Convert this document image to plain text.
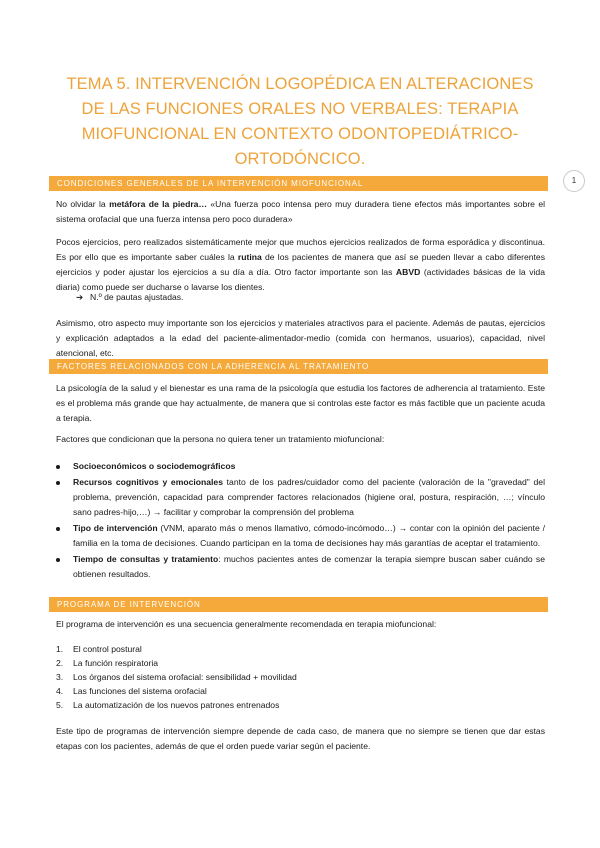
TEMA 5. INTERVENCIÓN LOGOPÉDICA EN ALTERACIONES DE LAS FUNCIONES ORALES NO VERBALES: TERAPIA MIOFUNCIONAL EN CONTEXTO ODONTOPEDIÁTRICO-ORTODÓNCICO.
1
CONDICIONES GENERALES DE LA INTERVENCIÓN MIOFUNCIONAL

No olvidar la metáfora de la piedra… «Una fuerza poco intensa pero muy duradera tiene efectos más importantes sobre el sistema orofacial que una fuerza intensa pero poco duradera»

Pocos ejercicios, pero realizados sistemáticamente mejor que muchos ejercicios realizados de forma esporádica y discontinua. Es por ello que es importante saber cuáles la rutina de los pacientes de manera que así se pueden llevar a cabo diferentes ejercicios y poder ajustar los ejercicios a su día a día. Otro factor importante son las ABVD (actividades básicas de la vida diaria) como puede ser ducharse o lavarse los dientes.

➔ N.º de pautas ajustadas.

Asimismo, otro aspecto muy importante son los ejercicios y materiales atractivos para el paciente. Además de pautas, ejercicios y explicación adaptados a la edad del paciente-alimentador-medio (comida con hermanos, usuarios), capacidad, nivel atencional, etc.

FACTORES RELACIONADOS CON LA ADHERENCIA AL TRATAMIENTO

La psicología de la salud y el bienestar es una rama de la psicología que estudia los factores de adherencia al tratamiento. Este es el problema más grande que hay actualmente, de manera que si controlas este factor es más factible que un paciente acuda a terapia.

Factores que condicionan que la persona no quiera tener un tratamiento miofuncional:

Socioeconómicos o sociodemográficos
Recursos cognitivos y emocionales tanto de los padres/cuidador como del paciente (valoración de la "gravedad" del problema, prevención, capacidad para comprender factores relacionados (higiene oral, postura, respiración, …; vínculo sano padres-hijo,…) → facilitar y comprobar la comprensión del problema
Tipo de intervención (VNM, aparato más o menos llamativo, cómodo-incómodo…) → contar con la opinión del paciente / familia en la toma de decisiones. Cuando participan en la toma de decisiones hay más garantías de aceptar el tratamiento.
Tiempo de consultas y tratamiento: muchos pacientes antes de comenzar la terapia siempre buscan saber cuándo se obtienen resultados.
PROGRAMA DE INTERVENCIÓN

El programa de intervención es una secuencia generalmente recomendada en terapia miofuncional:

1. El control postural
2. La función respiratoria
3. Los órganos del sistema orofacial: sensibilidad + movilidad
4. Las funciones del sistema orofacial
5. La automatización de los nuevos patrones entrenados

Este tipo de programas de intervención siempre depende de cada caso, de manera que no siempre se tienen que dar estas etapas con los pacientes, además de que el orden puede variar según el paciente.
